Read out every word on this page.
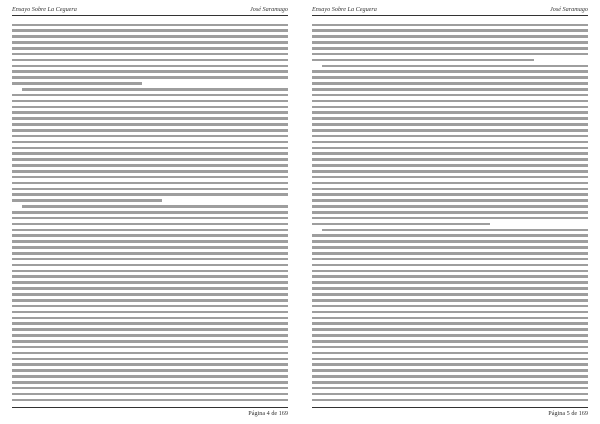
Ensayo Sobre La Ceguera	José Saramago
Página 4 de 169
Ensayo Sobre La Ceguera	José Saramago
Página 5 de 169
